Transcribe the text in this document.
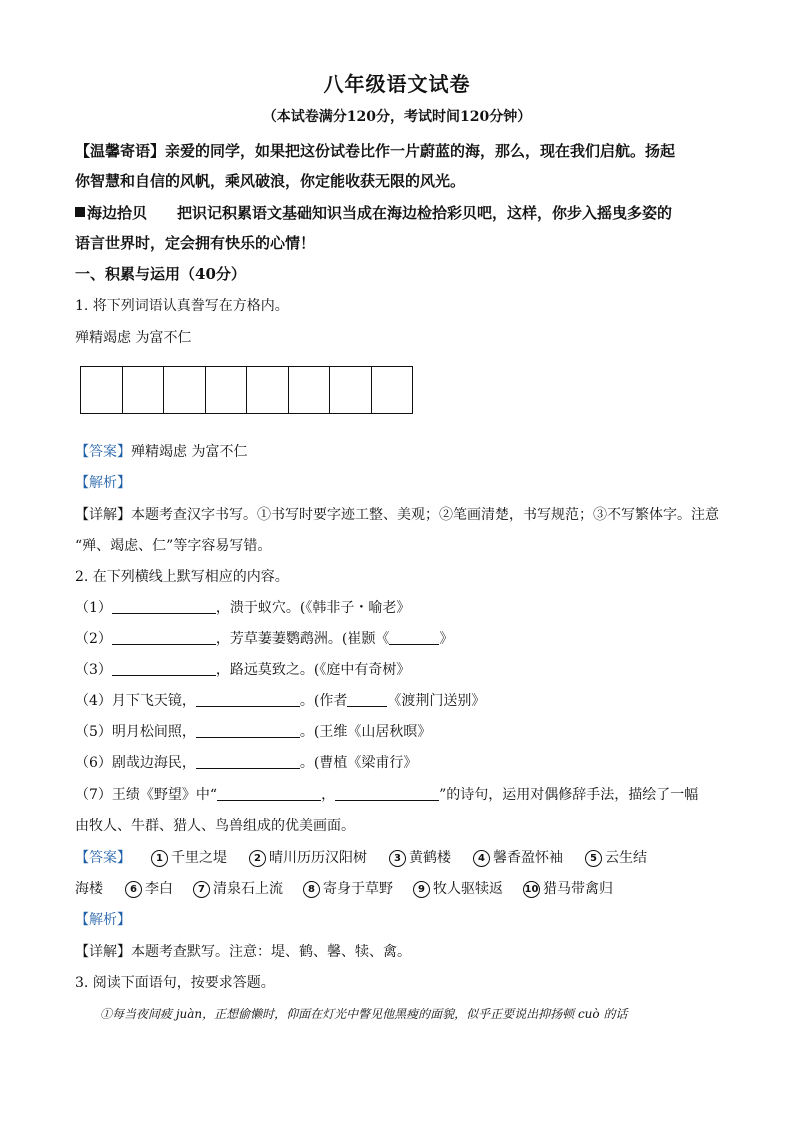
八年级语文试卷
（本试卷满分120分，考试时间120分钟）
【温馨寄语】亲爱的同学，如果把这份试卷比作一片蔚蓝的海，那么，现在我们启航。扬起
你智慧和自信的风帆，乘风破浪，你定能收获无限的风光。
海边拾贝 把识记积累语文基础知识当成在海边检拾彩贝吧，这样，你步入摇曳多姿的
语言世界时，定会拥有快乐的心情！
一、积累与运用（40分）
1. 将下列词语认真誊写在方格内。
殚精竭虑 为富不仁
【答案】殚精竭虑 为富不仁
【解析】
【详解】本题考查汉字书写。①书写时要字迹工整、美观；②笔画清楚，书写规范；③不写繁体字。注意
“殚、竭虑、仁”等字容易写错。
2. 在下列横线上默写相应的内容。
（1）	，溃于蚁穴。(《韩非子・喻老》
（2）	，芳草萋萋鹦鹉洲。(崔颢《	》
（3）	，路远莫致之。(《庭中有奇树》
（4）月下飞天镜，	。(作者	《渡荆门送别》
（5）明月松间照，	。(王维《山居秋暝》
（6）剧哉边海民，	。(曹植《梁甫行》
（7）王绩《野望》中“	，	”的诗句，运用对偶修辞手法，描绘了一幅
由牧人、牛群、猎人、鸟兽组成的优美画面。
【答案】	1 千里之堤	2 晴川历历汉阳树	3 黄鹤楼	4 馨香盈怀袖	5 云生结
海楼	6 李白	7 清泉石上流	8 寄身于草野	9 牧人驱犊返 10 猎马带禽归
【解析】
【详解】本题考查默写。注意：堤、鹤、馨、犊、禽。
3. 阅读下面语句，按要求答题。
①每当夜间疲 juàn，正想偷懒时，仰面在灯光中瞥见他黑瘦的面貌，似乎正要说出抑扬顿 cuò 的话
